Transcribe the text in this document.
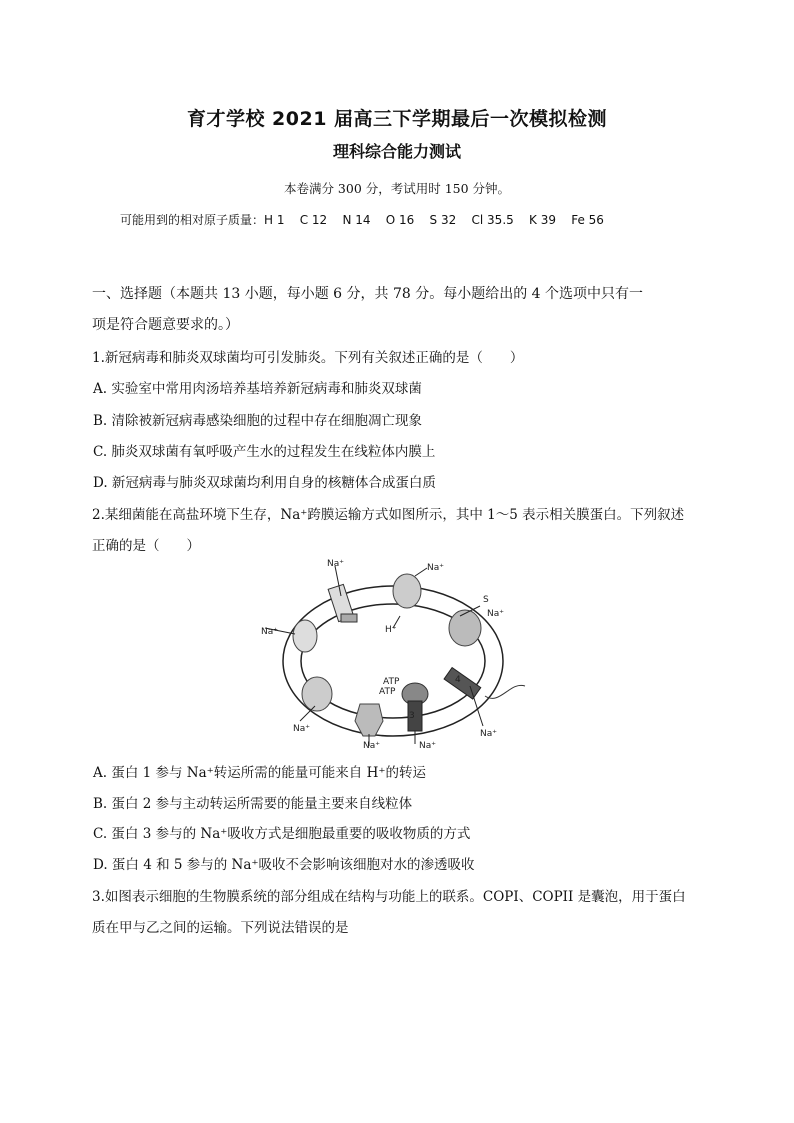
育才学校 2021 届高三下学期最后一次模拟检测
理科综合能力测试
本卷满分 300 分，考试用时 150 分钟。
可能用到的相对原子质量：H 1    C 12    N 14    O 16    S 32    Cl 35.5    K 39    Fe 56
一、选择题（本题共 13 小题，每小题 6 分，共 78 分。每小题给出的 4 个选项中只有一
项是符合题意要求的。）
1.新冠病毒和肺炎双球菌均可引发肺炎。下列有关叙述正确的是（　　）
A. 实验室中常用肉汤培养基培养新冠病毒和肺炎双球菌
B. 清除被新冠病毒感染细胞的过程中存在细胞凋亡现象
C. 肺炎双球菌有氧呼吸产生水的过程发生在线粒体内膜上
D. 新冠病毒与肺炎双球菌均利用自身的核糖体合成蛋白质
2.某细菌能在高盐环境下生存，Na⁺跨膜运输方式如图所示，其中 1～5 表示相关膜蛋白。下列叙述
正确的是（　　）
Na⁺	Na⁺
S
Na⁺
Na⁺	H⁺
ATP
ATP
Na⁺
Na⁺	Na⁺
Na⁺
3
4
A. 蛋白 1 参与 Na⁺转运所需的能量可能来自 H⁺的转运
B. 蛋白 2 参与主动转运所需要的能量主要来自线粒体
C. 蛋白 3 参与的 Na⁺吸收方式是细胞最重要的吸收物质的方式
D. 蛋白 4 和 5 参与的 Na⁺吸收不会影响该细胞对水的渗透吸收
3.如图表示细胞的生物膜系统的部分组成在结构与功能上的联系。COPI、COPII 是囊泡，用于蛋白
质在甲与乙之间的运输。下列说法错误的是
